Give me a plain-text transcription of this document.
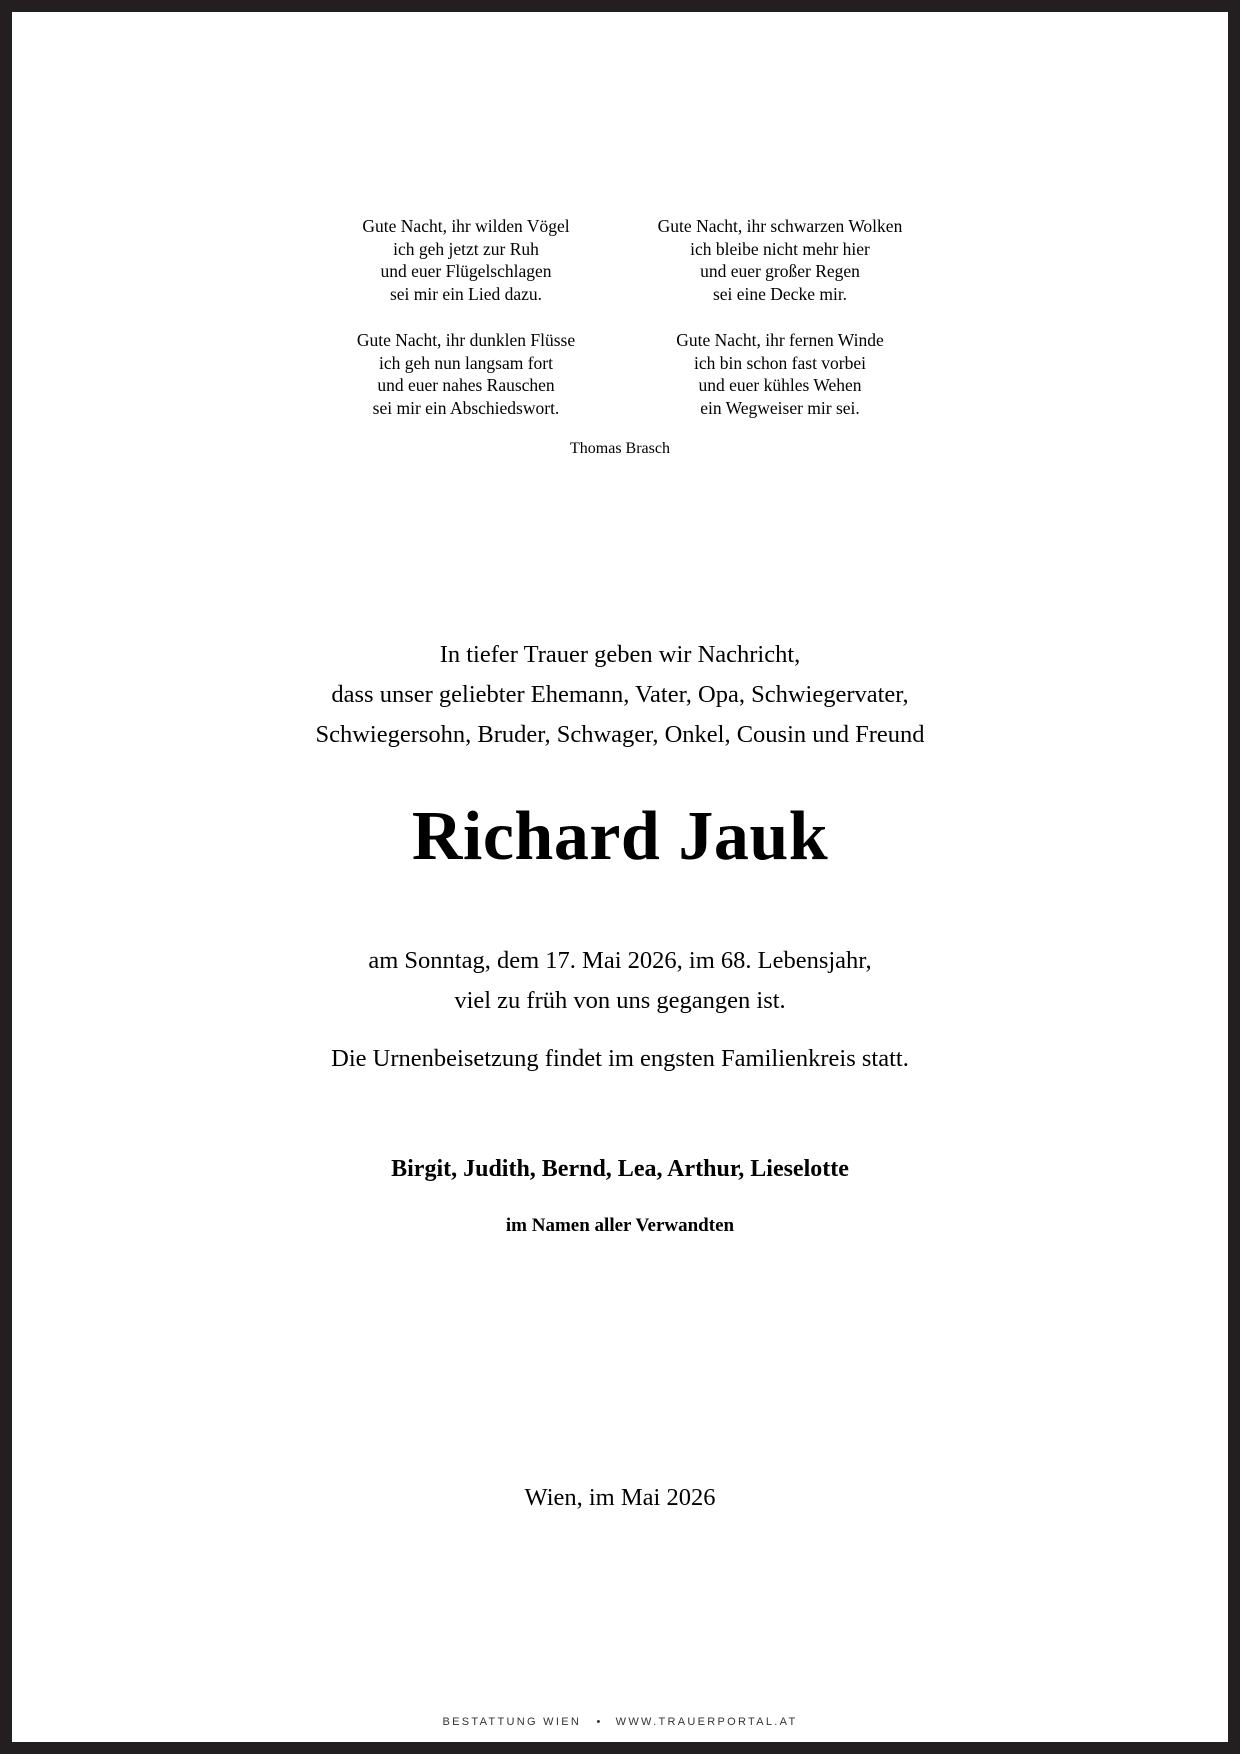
Gute Nacht, ihr wilden Vögel
ich geh jetzt zur Ruh
und euer Flügelschlagen
sei mir ein Lied dazu.

Gute Nacht, ihr dunklen Flüsse
ich geh nun langsam fort
und euer nahes Rauschen
sei mir ein Abschiedswort.

Gute Nacht, ihr schwarzen Wolken
ich bleibe nicht mehr hier
und euer großer Regen
sei eine Decke mir.

Gute Nacht, ihr fernen Winde
ich bin schon fast vorbei
und euer kühles Wehen
ein Wegweiser mir sei.

Thomas Brasch

In tiefer Trauer geben wir Nachricht,
dass unser geliebter Ehemann, Vater, Opa, Schwiegervater,
Schwiegersohn, Bruder, Schwager, Onkel, Cousin und Freund
Richard Jauk
am Sonntag, dem 17. Mai 2026, im 68. Lebensjahr,
viel zu früh von uns gegangen ist.

Die Urnenbeisetzung findet im engsten Familienkreis statt.

Birgit, Judith, Bernd, Lea, Arthur, Lieselotte

im Namen aller Verwandten

Wien, im Mai 2026

BESTATTUNG WIEN • WWW.TRAUERPORTAL.AT
